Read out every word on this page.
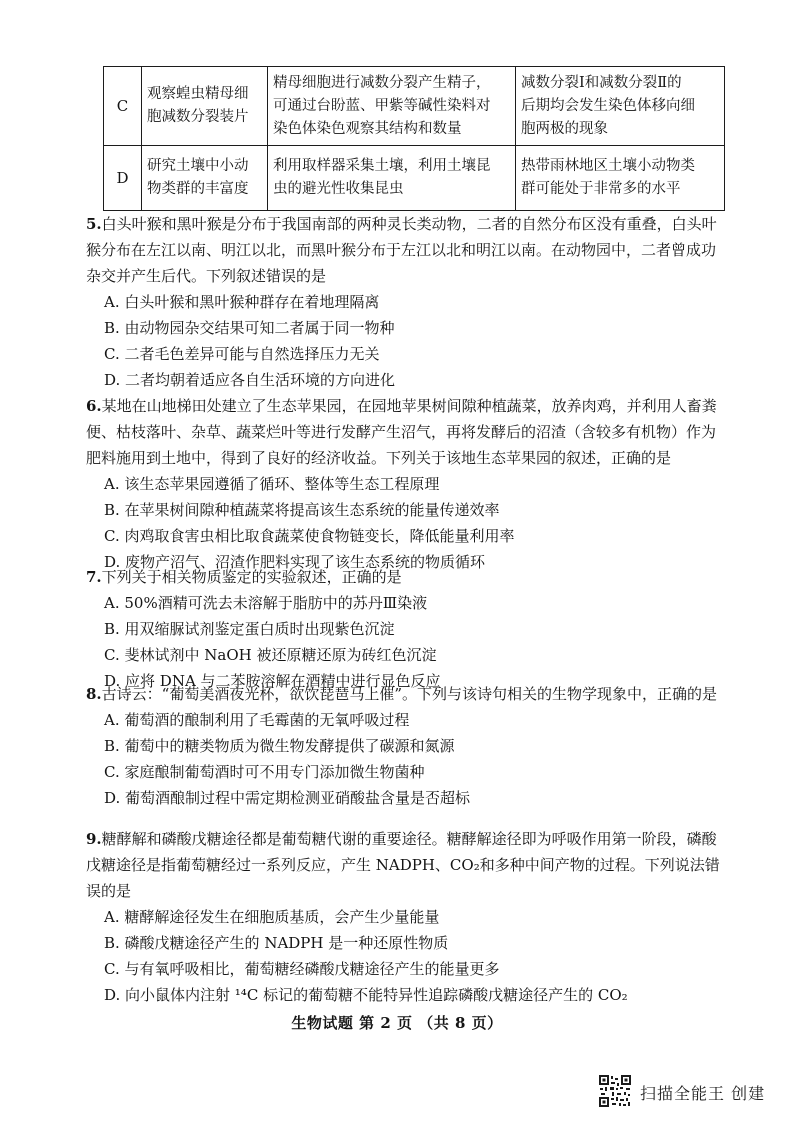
C	观察蝗虫精母细
胞减数分裂装片	精母细胞进行减数分裂产生精子，
可通过台盼蓝、甲紫等碱性染料对
染色体染色观察其结构和数量	减数分裂Ⅰ和减数分裂Ⅱ的
后期均会发生染色体移向细
胞两极的现象
D	研究土壤中小动
物类群的丰富度	利用取样器采集土壤，利用土壤昆
虫的避光性收集昆虫	热带雨林地区土壤小动物类
群可能处于非常多的水平

5.白头叶猴和黑叶猴是分布于我国南部的两种灵长类动物，二者的自然分布区没有重叠，白头叶猴分布在左江以南、明江以北，而黑叶猴分布于左江以北和明江以南。在动物园中，二者曾成功杂交并产生后代。下列叙述错误的是

A. 白头叶猴和黑叶猴种群存在着地理隔离

B. 由动物园杂交结果可知二者属于同一物种

C. 二者毛色差异可能与自然选择压力无关

D. 二者均朝着适应各自生活环境的方向进化

6.某地在山地梯田处建立了生态苹果园，在园地苹果树间隙种植蔬菜，放养肉鸡，并利用人畜粪便、枯枝落叶、杂草、蔬菜烂叶等进行发酵产生沼气，再将发酵后的沼渣（含较多有机物）作为肥料施用到土地中，得到了良好的经济收益。下列关于该地生态苹果园的叙述，正确的是

A. 该生态苹果园遵循了循环、整体等生态工程原理

B. 在苹果树间隙种植蔬菜将提高该生态系统的能量传递效率

C. 肉鸡取食害虫相比取食蔬菜使食物链变长，降低能量利用率

D. 废物产沼气、沼渣作肥料实现了该生态系统的物质循环

7.下列关于相关物质鉴定的实验叙述，正确的是

A. 50%酒精可洗去未溶解于脂肪中的苏丹Ⅲ染液

B. 用双缩脲试剂鉴定蛋白质时出现紫色沉淀

C. 斐林试剂中 NaOH 被还原糖还原为砖红色沉淀

D. 应将 DNA 与二苯胺溶解在酒精中进行显色反应

8.古诗云：“葡萄美酒夜光杯，欲饮琵琶马上催”。下列与该诗句相关的生物学现象中，正确的是

A. 葡萄酒的酿制利用了毛霉菌的无氧呼吸过程

B. 葡萄中的糖类物质为微生物发酵提供了碳源和氮源

C. 家庭酿制葡萄酒时可不用专门添加微生物菌种

D. 葡萄酒酿制过程中需定期检测亚硝酸盐含量是否超标

9.糖酵解和磷酸戊糖途径都是葡萄糖代谢的重要途径。糖酵解途径即为呼吸作用第一阶段，磷酸戊糖途径是指葡萄糖经过一系列反应，产生 NADPH、CO₂和多种中间产物的过程。下列说法错误的是

A. 糖酵解途径发生在细胞质基质，会产生少量能量

B. 磷酸戊糖途径产生的 NADPH 是一种还原性物质

C. 与有氧呼吸相比，葡萄糖经磷酸戊糖途径产生的能量更多

D. 向小鼠体内注射 ¹⁴C 标记的葡萄糖不能特异性追踪磷酸戊糖途径产生的 CO₂

生物试题 第 2 页 （共 8 页）
扫描全能王 创建
